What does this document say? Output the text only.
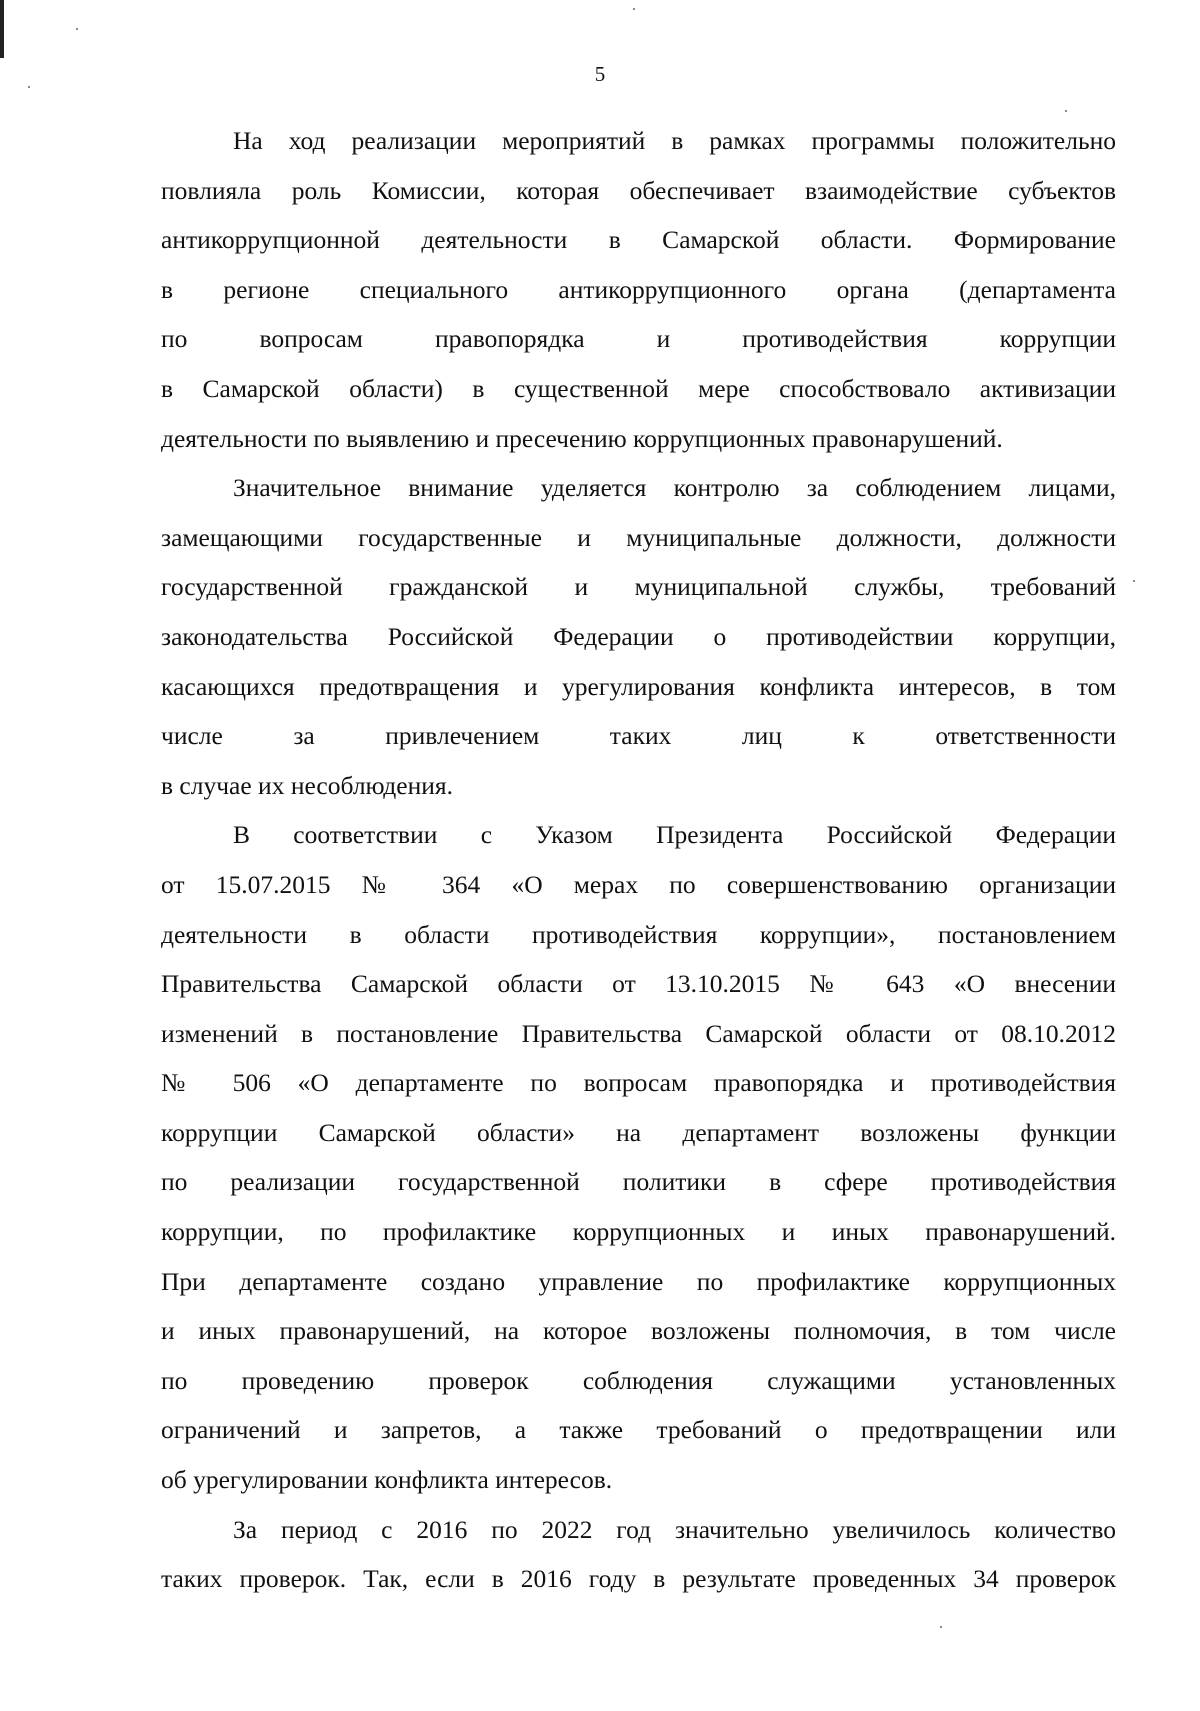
5

На ход реализации мероприятий в рамках программы положительно
повлияла роль Комиссии, которая обеспечивает взаимодействие субъектов
антикоррупционной деятельности в Самарской области. Формирование
в регионе специального антикоррупционного органа (департамента
по вопросам правопорядка и противодействия коррупции
в Самарской области) в существенной мере способствовало активизации
деятельности по выявлению и пресечению коррупционных правонарушений.

Значительное внимание уделяется контролю за соблюдением лицами,
замещающими государственные и муниципальные должности, должности
государственной гражданской и муниципальной службы, требований
законодательства Российской Федерации о противодействии коррупции,
касающихся предотвращения и урегулирования конфликта интересов, в том
числе за привлечением таких лиц к ответственности
в случае их несоблюдения.

В соответствии с Указом Президента Российской Федерации
от 15.07.2015 № 364 «О мерах по совершенствованию организации
деятельности в области противодействия коррупции», постановлением
Правительства Самарской области от 13.10.2015 № 643 «О внесении
изменений в постановление Правительства Самарской области от 08.10.2012
№ 506 «О департаменте по вопросам правопорядка и противодействия
коррупции Самарской области» на департамент возложены функции
по реализации государственной политики в сфере противодействия
коррупции, по профилактике коррупционных и иных правонарушений.
При департаменте создано управление по профилактике коррупционных
и иных правонарушений, на которое возложены полномочия, в том числе
по проведению проверок соблюдения служащими установленных
ограничений и запретов, а также требований о предотвращении или
об урегулировании конфликта интересов.

За период с 2016 по 2022 год значительно увеличилось количество
таких проверок. Так, если в 2016 году в результате проведенных 34 проверок
